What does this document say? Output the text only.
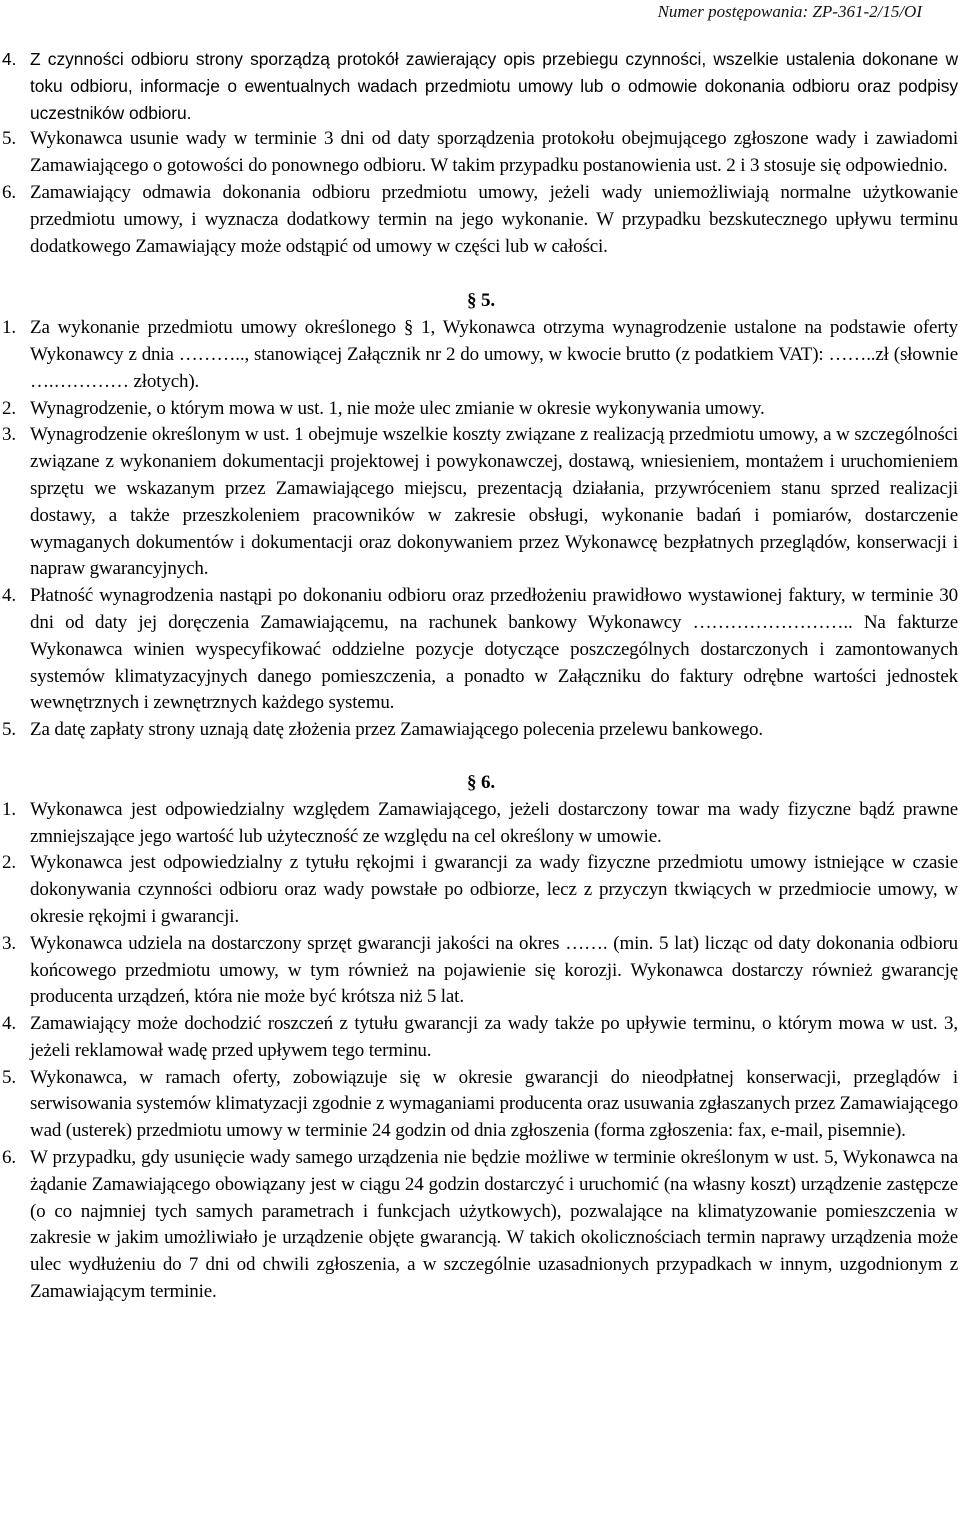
Numer postępowania: ZP-361-2/15/OI
4. Z czynności odbioru strony sporządzą protokół zawierający opis przebiegu czynności, wszelkie ustalenia dokonane w toku odbioru, informacje o ewentualnych wadach przedmiotu umowy lub o odmowie dokonania odbioru oraz podpisy uczestników odbioru.
5. Wykonawca usunie wady w terminie 3 dni od daty sporządzenia protokołu obejmującego zgłoszone wady i zawiadomi Zamawiającego o gotowości do ponownego odbioru. W takim przypadku postanowienia ust. 2 i 3 stosuje się odpowiednio.
6. Zamawiający odmawia dokonania odbioru przedmiotu umowy, jeżeli wady uniemożliwiają normalne użytkowanie przedmiotu umowy, i wyznacza dodatkowy termin na jego wykonanie. W przypadku bezskutecznego upływu terminu dodatkowego Zamawiający może odstąpić od umowy w części lub w całości.

§ 5.

1. Za wykonanie przedmiotu umowy określonego § 1, Wykonawca otrzyma wynagrodzenie ustalone na podstawie oferty Wykonawcy z dnia ……….., stanowiącej Załącznik nr 2 do umowy, w kwocie brutto (z podatkiem VAT): ……..zł (słownie ….………… złotych).
2. Wynagrodzenie, o którym mowa w ust. 1, nie może ulec zmianie w okresie wykonywania umowy.
3. Wynagrodzenie określonym w ust. 1 obejmuje wszelkie koszty związane z realizacją przedmiotu umowy, a w szczególności związane z wykonaniem dokumentacji projektowej i powykonawczej, dostawą, wniesieniem, montażem i uruchomieniem sprzętu we wskazanym przez Zamawiającego miejscu, prezentacją działania, przywróceniem stanu sprzed realizacji dostawy, a także przeszkoleniem pracowników w zakresie obsługi, wykonanie badań i pomiarów, dostarczenie wymaganych dokumentów i dokumentacji oraz dokonywaniem przez Wykonawcę bezpłatnych przeglądów, konserwacji i napraw gwarancyjnych.
4. Płatność wynagrodzenia nastąpi po dokonaniu odbioru oraz przedłożeniu prawidłowo wystawionej faktury, w terminie 30 dni od daty jej doręczenia Zamawiającemu, na rachunek bankowy Wykonawcy …………………….. Na fakturze Wykonawca winien wyspecyfikować oddzielne pozycje dotyczące poszczególnych dostarczonych i zamontowanych systemów klimatyzacyjnych danego pomieszczenia, a ponadto w Załączniku do faktury odrębne wartości jednostek wewnętrznych i zewnętrznych każdego systemu.
5. Za datę zapłaty strony uznają datę złożenia przez Zamawiającego polecenia przelewu bankowego.

§ 6.

1. Wykonawca jest odpowiedzialny względem Zamawiającego, jeżeli dostarczony towar ma wady fizyczne bądź prawne zmniejszające jego wartość lub użyteczność ze względu na cel określony w umowie.
2. Wykonawca jest odpowiedzialny z tytułu rękojmi i gwarancji za wady fizyczne przedmiotu umowy istniejące w czasie dokonywania czynności odbioru oraz wady powstałe po odbiorze, lecz z przyczyn tkwiących w przedmiocie umowy, w okresie rękojmi i gwarancji.
3. Wykonawca udziela na dostarczony sprzęt gwarancji jakości na okres ……. (min. 5 lat) licząc od daty dokonania odbioru końcowego przedmiotu umowy, w tym również na pojawienie się korozji. Wykonawca dostarczy również gwarancję producenta urządzeń, która nie może być krótsza niż 5 lat.
4. Zamawiający może dochodzić roszczeń z tytułu gwarancji za wady także po upływie terminu, o którym mowa w ust. 3, jeżeli reklamował wadę przed upływem tego terminu.
5. Wykonawca, w ramach oferty, zobowiązuje się w okresie gwarancji do nieodpłatnej konserwacji, przeglądów i serwisowania systemów klimatyzacji zgodnie z wymaganiami producenta oraz usuwania zgłaszanych przez Zamawiającego wad (usterek) przedmiotu umowy w terminie 24 godzin od dnia zgłoszenia (forma zgłoszenia: fax, e-mail, pisemnie).
6. W przypadku, gdy usunięcie wady samego urządzenia nie będzie możliwe w terminie określonym w ust. 5, Wykonawca na żądanie Zamawiającego obowiązany jest w ciągu 24 godzin dostarczyć i uruchomić (na własny koszt) urządzenie zastępcze (o co najmniej tych samych parametrach i funkcjach użytkowych), pozwalające na klimatyzowanie pomieszczenia w zakresie w jakim umożliwiało je urządzenie objęte gwarancją. W takich okolicznościach termin naprawy urządzenia może ulec wydłużeniu do 7 dni od chwili zgłoszenia, a w szczególnie uzasadnionych przypadkach w innym, uzgodnionym z Zamawiającym terminie.
